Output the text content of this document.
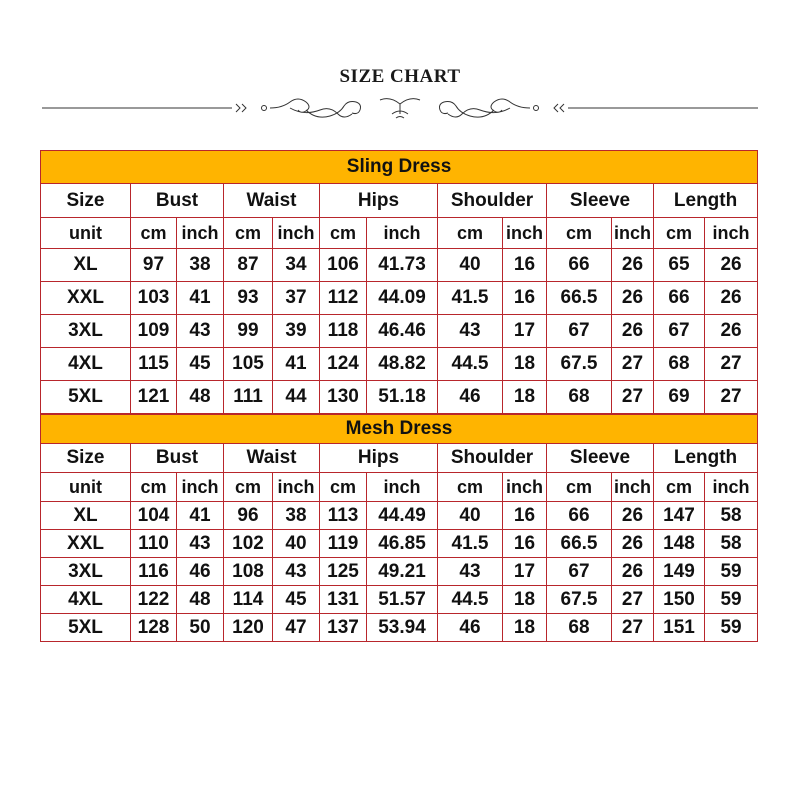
SIZE CHART
Sling Dress												
Size	Bust		Waist		Hips		Shoulder		Sleeve		Length	
unit	cm	inch	cm	inch	cm	inch	cm	inch	cm	inch	cm	inch
XL	97	38	87	34	106	41.73	40	16	66	26	65	26
XXL	103	41	93	37	112	44.09	41.5	16	66.5	26	66	26
3XL	109	43	99	39	118	46.46	43	17	67	26	67	26
4XL	115	45	105	41	124	48.82	44.5	18	67.5	27	68	27
5XL	121	48	111	44	130	51.18	46	18	68	27	69	27
Mesh Dress												
Size	Bust		Waist		Hips		Shoulder		Sleeve		Length	
unit	cm	inch	cm	inch	cm	inch	cm	inch	cm	inch	cm	inch
XL	104	41	96	38	113	44.49	40	16	66	26	147	58
XXL	110	43	102	40	119	46.85	41.5	16	66.5	26	148	58
3XL	116	46	108	43	125	49.21	43	17	67	26	149	59
4XL	122	48	114	45	131	51.57	44.5	18	67.5	27	150	59
5XL	128	50	120	47	137	53.94	46	18	68	27	151	59
